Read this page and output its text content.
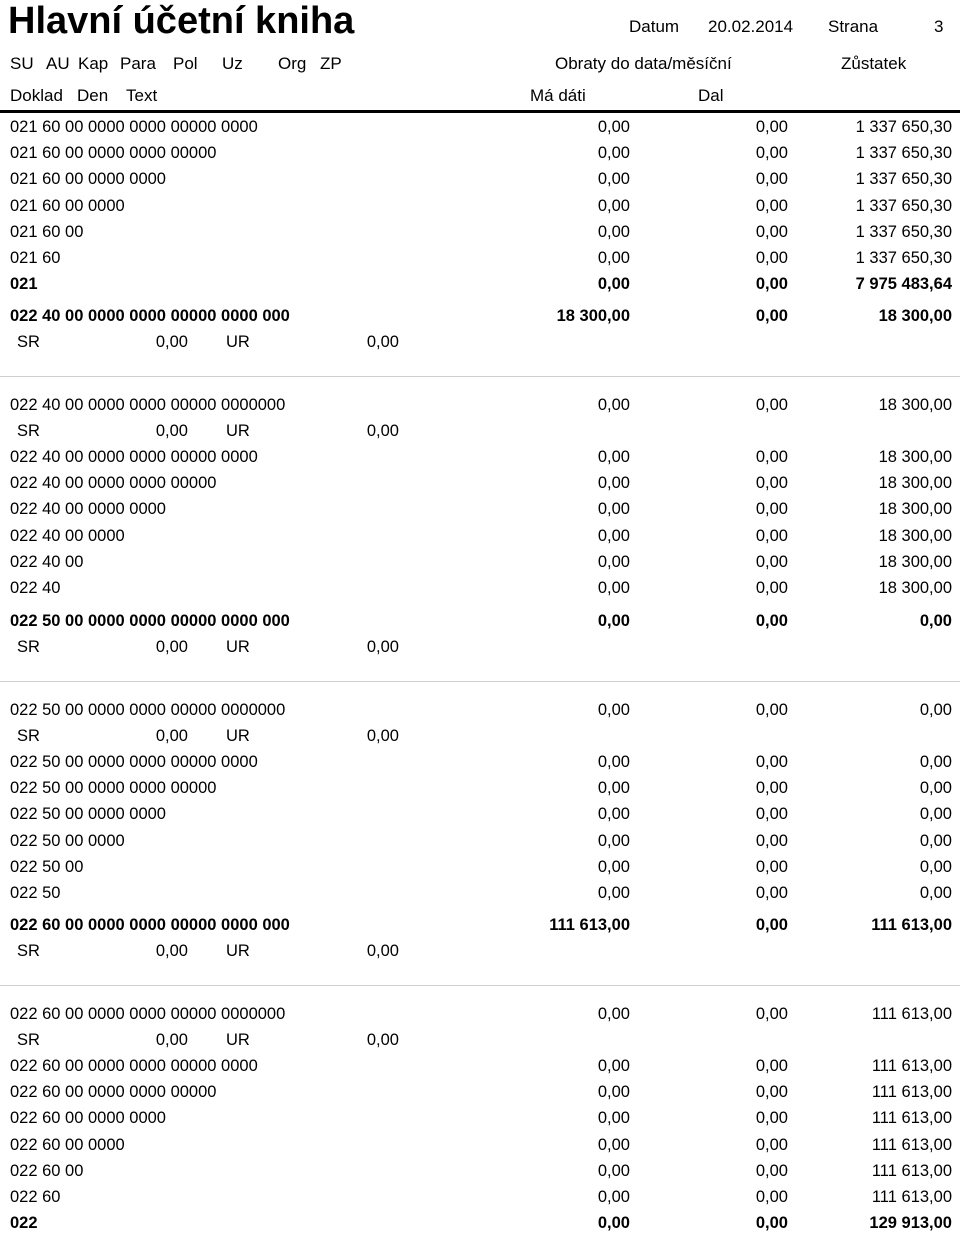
Hlavní účetní kniha	Datum 20.02.2014 Strana	3
SU AU Kap Para Pol Uz Org ZP	Obraty do data/měsíční	Zůstatek
Doklad Den Text	Má dáti	Dal
021 60 00 0000 0000 00000 0000	0,00	0,00	1 337 650,30
021 60 00 0000 0000 00000	0,00	0,00	1 337 650,30
021 60 00 0000 0000	0,00	0,00	1 337 650,30
021 60 00 0000	0,00	0,00	1 337 650,30
021 60 00	0,00	0,00	1 337 650,30
021 60	0,00	0,00	1 337 650,30
021	0,00	0,00	7 975 483,64
022 40 00 0000 0000 00000 0000 000	18 300,00	0,00	18 300,00
SR	0,00 UR	0,00
022 40 00 0000 0000 00000 0000000	0,00	0,00	18 300,00
SR	0,00 UR	0,00
022 40 00 0000 0000 00000 0000	0,00	0,00	18 300,00
022 40 00 0000 0000 00000	0,00	0,00	18 300,00
022 40 00 0000 0000	0,00	0,00	18 300,00
022 40 00 0000	0,00	0,00	18 300,00
022 40 00	0,00	0,00	18 300,00
022 40	0,00	0,00	18 300,00
022 50 00 0000 0000 00000 0000 000	0,00	0,00	0,00
SR	0,00 UR	0,00
022 50 00 0000 0000 00000 0000000	0,00	0,00	0,00
SR	0,00 UR	0,00
022 50 00 0000 0000 00000 0000	0,00	0,00	0,00
022 50 00 0000 0000 00000	0,00	0,00	0,00
022 50 00 0000 0000	0,00	0,00	0,00
022 50 00 0000	0,00	0,00	0,00
022 50 00	0,00	0,00	0,00
022 50	0,00	0,00	0,00
022 60 00 0000 0000 00000 0000 000	111 613,00	0,00	111 613,00
SR	0,00 UR	0,00
022 60 00 0000 0000 00000 0000000	0,00	0,00	111 613,00
SR	0,00 UR	0,00
022 60 00 0000 0000 00000 0000	0,00	0,00	111 613,00
022 60 00 0000 0000 00000	0,00	0,00	111 613,00
022 60 00 0000 0000	0,00	0,00	111 613,00
022 60 00 0000	0,00	0,00	111 613,00
022 60 00	0,00	0,00	111 613,00
022 60	0,00	0,00	111 613,00
022	0,00	0,00	129 913,00
